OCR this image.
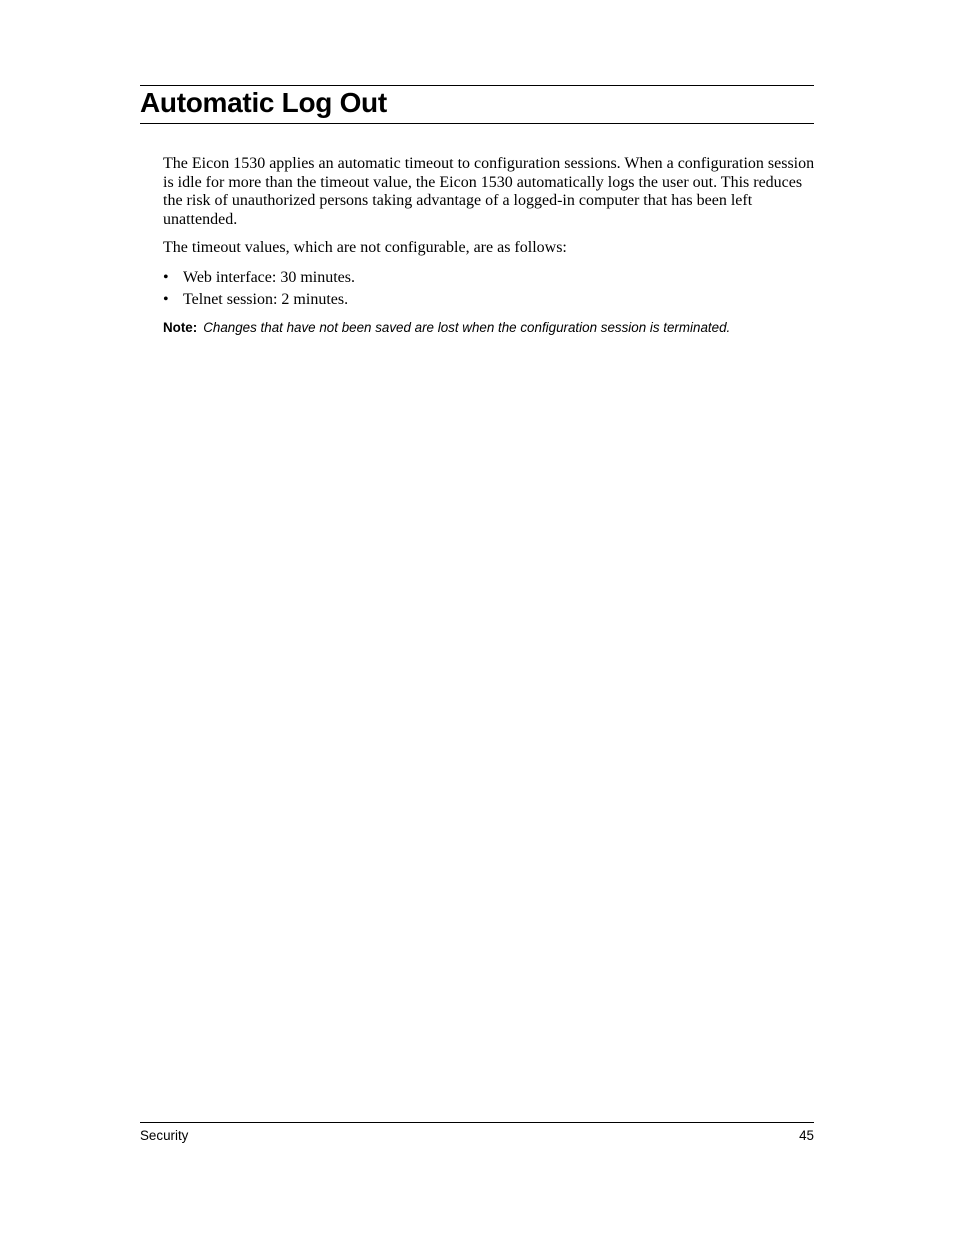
Automatic Log Out

The Eicon 1530 applies an automatic timeout to configuration sessions. When a configuration session is idle for more than the timeout value, the Eicon 1530 automatically logs the user out. This reduces the risk of unauthorized persons taking advantage of a logged-in computer that has been left unattended.

The timeout values, which are not configurable, are as follows:

• Web interface: 30 minutes.
• Telnet session: 2 minutes.

Note: Changes that have not been saved are lost when the configuration session is terminated.

Security	45
